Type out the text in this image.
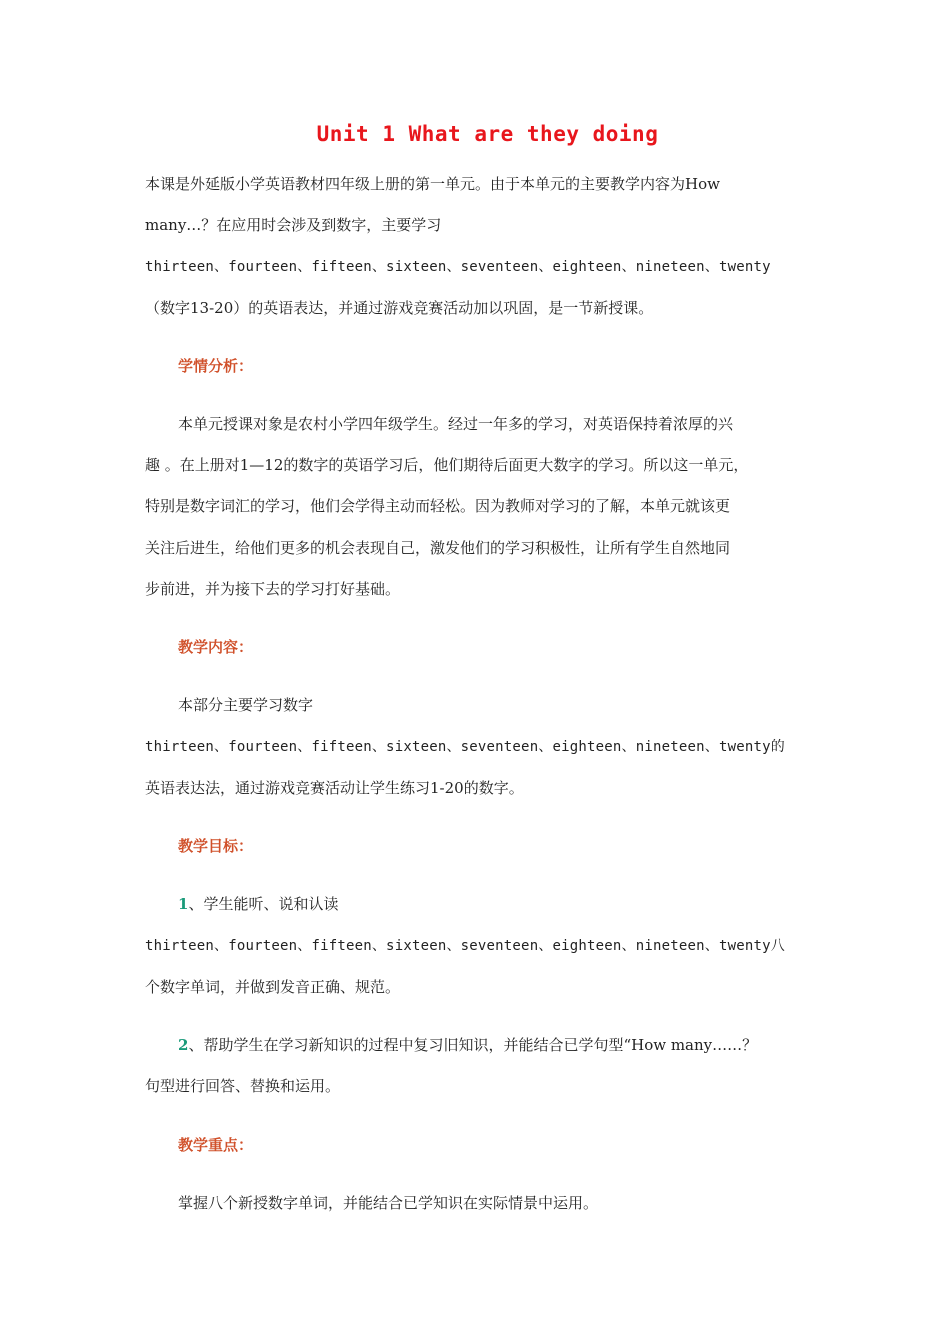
Unit 1 What are they doing
本课是外延版小学英语教材四年级上册的第一单元。由于本单元的主要教学内容为How
many…？在应用时会涉及到数字，主要学习
thirteen、fourteen、fifteen、sixteen、seventeen、eighteen、nineteen、twenty
（数字13-20）的英语表达，并通过游戏竞赛活动加以巩固，是一节新授课。
学情分析：
本单元授课对象是农村小学四年级学生。经过一年多的学习，对英语保持着浓厚的兴
趣 。在上册对1—12的数字的英语学习后，他们期待后面更大数字的学习。所以这一单元，
特别是数字词汇的学习，他们会学得主动而轻松。因为教师对学习的了解，本单元就该更
关注后进生，给他们更多的机会表现自己，激发他们的学习积极性，让所有学生自然地同
步前进，并为接下去的学习打好基础。
教学内容：
本部分主要学习数字
thirteen、fourteen、fifteen、sixteen、seventeen、eighteen、nineteen、twenty的
英语表达法，通过游戏竞赛活动让学生练习1-20的数字。
教学目标：
1、学生能听、说和认读
thirteen、fourteen、fifteen、sixteen、seventeen、eighteen、nineteen、twenty八
个数字单词，并做到发音正确、规范。
2、帮助学生在学习新知识的过程中复习旧知识，并能结合已学句型“How many……？
句型进行回答、替换和运用。
教学重点：
掌握八个新授数字单词，并能结合已学知识在实际情景中运用。
